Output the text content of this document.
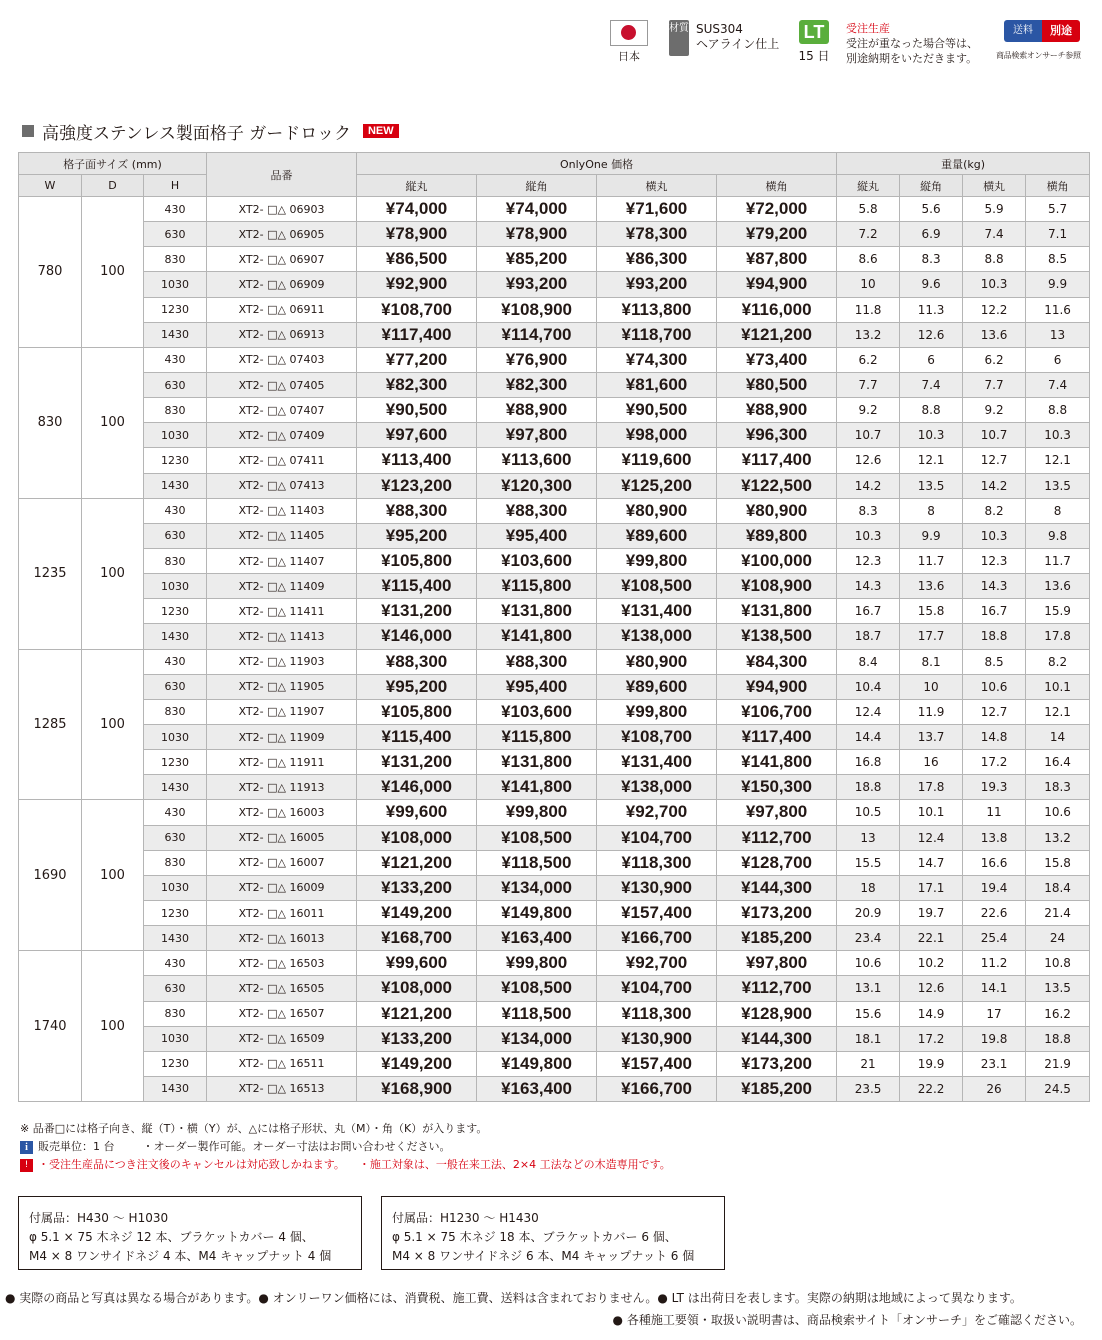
日本
材質 SUS304
ヘアライン仕上
LT
15 日
受注生産
受注が重なった場合等は、
別途納期をいただきます。
送料	別途
商品検索オンサーチ参照
高強度ステンレス製面格子 ガードロック	NEW
格子面サイズ (mm)			品番	OnlyOne 価格				重量(kg)			
W	D	H		縦丸	縦角	横丸	横角	縦丸	縦角	横丸	横角
780	100	430	XT2- □△ 06903	¥74,000	¥74,000	¥71,600	¥72,000	5.8	5.6	5.9	5.7
		630	XT2- □△ 06905	¥78,900	¥78,900	¥78,300	¥79,200	7.2	6.9	7.4	7.1
		830	XT2- □△ 06907	¥86,500	¥85,200	¥86,300	¥87,800	8.6	8.3	8.8	8.5
		1030	XT2- □△ 06909	¥92,900	¥93,200	¥93,200	¥94,900	10	9.6	10.3	9.9
		1230	XT2- □△ 06911	¥108,700	¥108,900	¥113,800	¥116,000	11.8	11.3	12.2	11.6
		1430	XT2- □△ 06913	¥117,400	¥114,700	¥118,700	¥121,200	13.2	12.6	13.6	13
830	100	430	XT2- □△ 07403	¥77,200	¥76,900	¥74,300	¥73,400	6.2	6	6.2	6
		630	XT2- □△ 07405	¥82,300	¥82,300	¥81,600	¥80,500	7.7	7.4	7.7	7.4
		830	XT2- □△ 07407	¥90,500	¥88,900	¥90,500	¥88,900	9.2	8.8	9.2	8.8
		1030	XT2- □△ 07409	¥97,600	¥97,800	¥98,000	¥96,300	10.7	10.3	10.7	10.3
		1230	XT2- □△ 07411	¥113,400	¥113,600	¥119,600	¥117,400	12.6	12.1	12.7	12.1
		1430	XT2- □△ 07413	¥123,200	¥120,300	¥125,200	¥122,500	14.2	13.5	14.2	13.5
1235	100	430	XT2- □△ 11403	¥88,300	¥88,300	¥80,900	¥80,900	8.3	8	8.2	8
		630	XT2- □△ 11405	¥95,200	¥95,400	¥89,600	¥89,800	10.3	9.9	10.3	9.8
		830	XT2- □△ 11407	¥105,800	¥103,600	¥99,800	¥100,000	12.3	11.7	12.3	11.7
		1030	XT2- □△ 11409	¥115,400	¥115,800	¥108,500	¥108,900	14.3	13.6	14.3	13.6
		1230	XT2- □△ 11411	¥131,200	¥131,800	¥131,400	¥131,800	16.7	15.8	16.7	15.9
		1430	XT2- □△ 11413	¥146,000	¥141,800	¥138,000	¥138,500	18.7	17.7	18.8	17.8
1285	100	430	XT2- □△ 11903	¥88,300	¥88,300	¥80,900	¥84,300	8.4	8.1	8.5	8.2
		630	XT2- □△ 11905	¥95,200	¥95,400	¥89,600	¥94,900	10.4	10	10.6	10.1
		830	XT2- □△ 11907	¥105,800	¥103,600	¥99,800	¥106,700	12.4	11.9	12.7	12.1
		1030	XT2- □△ 11909	¥115,400	¥115,800	¥108,700	¥117,400	14.4	13.7	14.8	14
		1230	XT2- □△ 11911	¥131,200	¥131,800	¥131,400	¥141,800	16.8	16	17.2	16.4
		1430	XT2- □△ 11913	¥146,000	¥141,800	¥138,000	¥150,300	18.8	17.8	19.3	18.3
1690	100	430	XT2- □△ 16003	¥99,600	¥99,800	¥92,700	¥97,800	10.5	10.1	11	10.6
		630	XT2- □△ 16005	¥108,000	¥108,500	¥104,700	¥112,700	13	12.4	13.8	13.2
		830	XT2- □△ 16007	¥121,200	¥118,500	¥118,300	¥128,700	15.5	14.7	16.6	15.8
		1030	XT2- □△ 16009	¥133,200	¥134,000	¥130,900	¥144,300	18	17.1	19.4	18.4
		1230	XT2- □△ 16011	¥149,200	¥149,800	¥157,400	¥173,200	20.9	19.7	22.6	21.4
		1430	XT2- □△ 16013	¥168,700	¥163,400	¥166,700	¥185,200	23.4	22.1	25.4	24
1740	100	430	XT2- □△ 16503	¥99,600	¥99,800	¥92,700	¥97,800	10.6	10.2	11.2	10.8
		630	XT2- □△ 16505	¥108,000	¥108,500	¥104,700	¥112,700	13.1	12.6	14.1	13.5
		830	XT2- □△ 16507	¥121,200	¥118,500	¥118,300	¥128,900	15.6	14.9	17	16.2
		1030	XT2- □△ 16509	¥133,200	¥134,000	¥130,900	¥144,300	18.1	17.2	19.8	18.8
		1230	XT2- □△ 16511	¥149,200	¥149,800	¥157,400	¥173,200	21	19.9	23.1	21.9
		1430	XT2- □△ 16513	¥168,900	¥163,400	¥166,700	¥185,200	23.5	22.2	26	24.5
※ 品番□には格子向き、縦（T）・横（Y）が、△には格子形状、丸（M）・角（K）が入ります。
i 販売単位：1 台	・オーダー製作可能。オーダー寸法はお問い合わせください。
! ・受注生産品につき注文後のキャンセルは対応致しかねます。 ・施工対象は、一般在来工法、2×4 工法などの木造専用です。
付属品：H430 ～ H1030
φ 5.1 × 75 木ネジ 12 本、ブラケットカバー 4 個、
M4 × 8 ワンサイドネジ 4 本、M4 キャップナット 4 個
付属品：H1230 ～ H1430
φ 5.1 × 75 木ネジ 18 本、ブラケットカバー 6 個、
M4 × 8 ワンサイドネジ 6 本、M4 キャップナット 6 個
● 実際の商品と写真は異なる場合があります。● オンリーワン価格には、消費税、施工費、送料は含まれておりません。● LT は出荷日を表します。実際の納期は地域によって異なります。
● 各種施工要領・取扱い説明書は、商品検索サイト「オンサーチ」をご確認ください。
